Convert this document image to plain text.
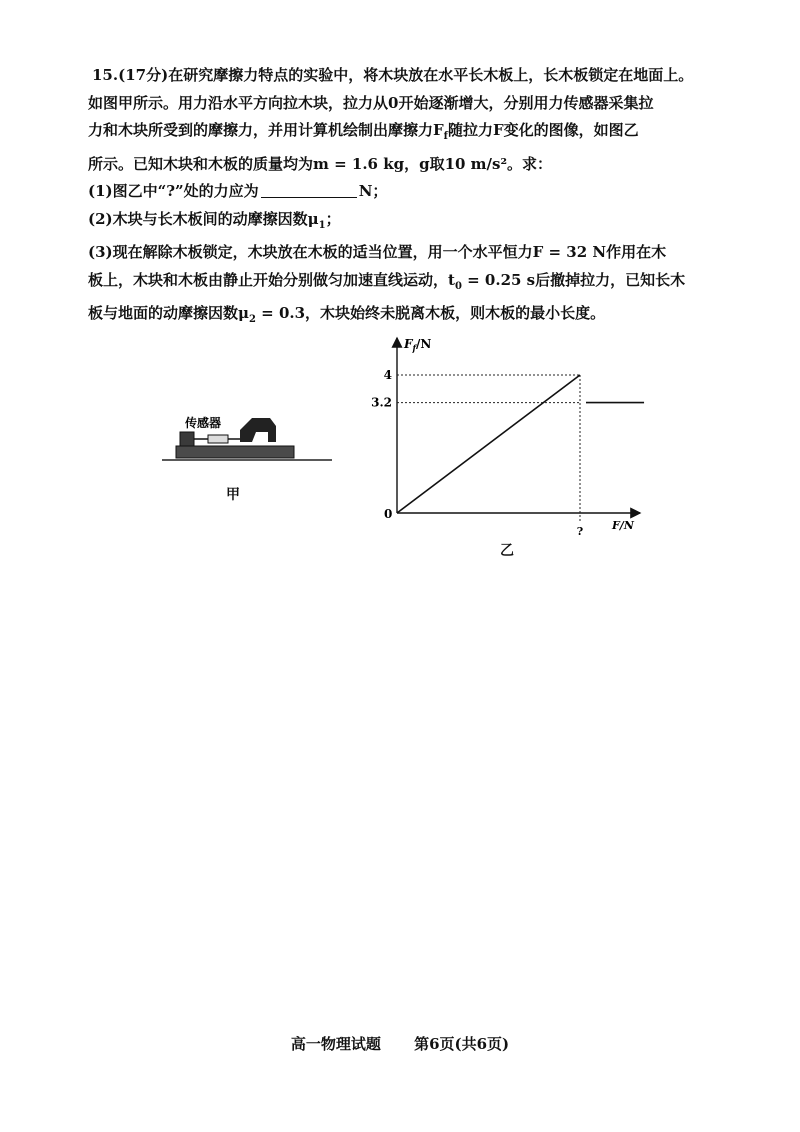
15.(17分)在研究摩擦力特点的实验中，将木块放在水平长木板上，长木板锁定在地面上。

如图甲所示。用力沿水平方向拉木块，拉力从0开始逐渐增大，分别用力传感器采集拉

力和木块所受到的摩擦力，并用计算机绘制出摩擦力$F_f$随拉力F变化的图像，如图乙

所示。已知木块和木板的质量均为m = 1.6 kg，g取10 m/s²。求：

(1)图乙中“?”处的力应为	N；

(2)木块与长木板间的动摩擦因数$\mu_1$；

(3)现在解除木板锁定，木块放在木板的适当位置，用一个水平恒力F = 32 N作用在木

板上，木块和木板由静止开始分别做匀加速直线运动，$t_0 = 0.25$ s后撤掉拉力，已知长木

板与地面的动摩擦因数$\mu_2 = 0.3$，木块始终未脱离木板，则木板的最小长度。

传感器
甲
$F_f/N$
F/N
0
4
3.2
?
乙
高一物理试题 第6页(共6页)
